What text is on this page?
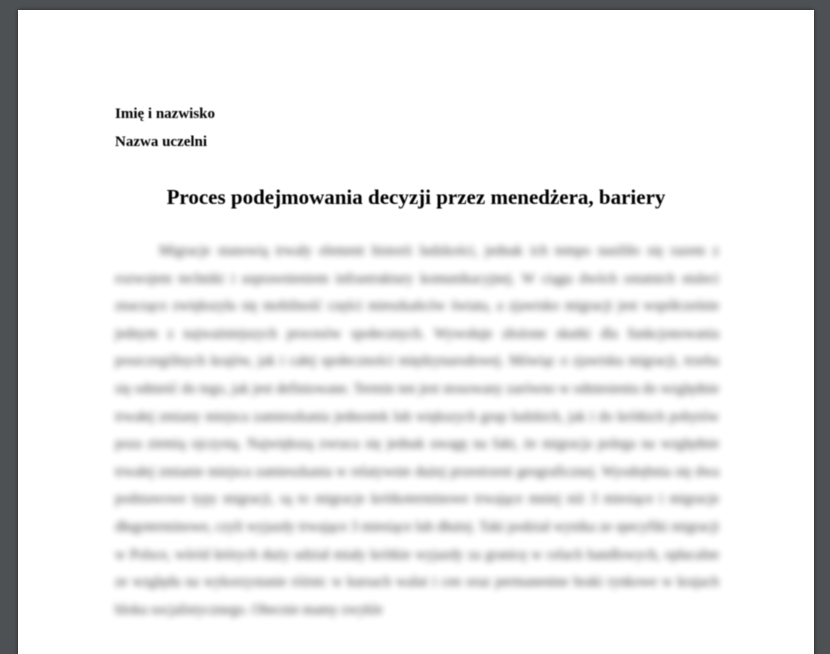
Imię i nazwisko
Nazwa uczelni
Proces podejmowania decyzji przez menedżera, bariery
Migracje stanowią trwały element historii ludzkości, jednak ich tempo nasiliło się razem z rozwojem techniki i usprawnieniem infrastruktury komunikacyjnej. W ciągu dwóch ostatnich stuleci znacząco zwiększyła się mobilność części mieszkańców świata, a zjawisko migracji jest współcześnie jednym z najważniejszych procesów społecznych. Wywołuje złożone skutki dla funkcjonowania poszczególnych krajów, jak i całej społeczności międzynarodowej. Mówiąc o zjawisku migracji, trzeba się odnieść do tego, jak jest definiowane. Termin ten jest stosowany zarówno w odniesieniu do względnie trwałej zmiany miejsca zamieszkania jednostek lub większych grup ludzkich, jak i do krótkich pobytów poza ziemią ojczystą. Największą zwraca się jednak uwagę na fakt, że migracja polega na względnie trwałej zmianie miejsca zamieszkania w relatywnie dużej przestrzeni geograficznej. Wyodrębnia się dwa podstawowe typy migracji, są to migracje krótkoterminowe trwające mniej niż 3 miesiące i migracje długoterminowe, czyli wyjazdy trwające 3 miesiące lub dłużej. Taki podział wynika ze specyfiki migracji w Polsce, wśród których duży udział miały krótkie wyjazdy za granicę w celach handlowych, opłacalne ze względu na wykorzystanie różnic w kursach walut i cen oraz permanentne braki rynkowe w krajach bloku socjalistycznego. Obecnie mamy zwykle
